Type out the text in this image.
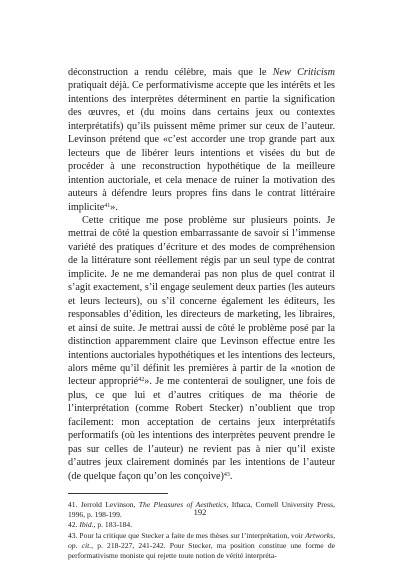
déconstruction a rendu célèbre, mais que le New Criticism pratiquait déjà. Ce performativisme accepte que les intérêts et les intentions des interprètes déterminent en partie la signification des œuvres, et (du moins dans certains jeux ou contextes interprétatifs) qu’ils puissent même primer sur ceux de l’auteur. Levinson prétend que «c’est accorder une trop grande part aux lecteurs que de libérer leurs intentions et visées du but de procéder à une reconstruction hypothétique de la meilleure intention auctoriale, et cela menace de ruiner la motivation des auteurs à défendre leurs propres fins dans le contrat littéraire implicite$^{41}$».

Cette critique me pose problème sur plusieurs points. Je mettrai de côté la question embarrassante de savoir si l’immense variété des pratiques d’écriture et des modes de compréhension de la littérature sont réellement régis par un seul type de contrat implicite. Je ne me demanderai pas non plus de quel contrat il s’agit exactement, s’il engage seulement deux parties (les auteurs et leurs lecteurs), ou s’il concerne également les éditeurs, les responsables d’édition, les directeurs de marketing, les libraires, et ainsi de suite. Je mettrai aussi de côté le problème posé par la distinction apparemment claire que Levinson effectue entre les intentions auctoriales hypothétiques et les intentions des lecteurs, alors même qu’il définit les premières à partir de la «notion de lecteur approprié$^{42}$». Je me contenterai de souligner, une fois de plus, ce que lui et d’autres critiques de ma théorie de l’interprétation (comme Robert Stecker) n’oublient que trop facilement: mon acceptation de certains jeux interprétatifs performatifs (où les intentions des interprètes peuvent prendre le pas sur celles de l’auteur) ne revient pas à nier qu’il existe d’autres jeux clairement dominés par les intentions de l’auteur (de quelque façon qu’on les conçoive)$^{43}$.

41. Jerrold Levinson, The Pleasures of Aesthetics, Ithaca, Cornell University Press, 1996, p. 198-199.

42. Ibid., p. 183-184.

43. Pour la critique que Stecker a faite de mes thèses sur l’interprétation, voir Artworks, op. cit., p. 218-227, 241-242. Pour Stecker, ma position constitue une forme de performativisme moniste qui rejette toute notion de vérité interpréta-

192
